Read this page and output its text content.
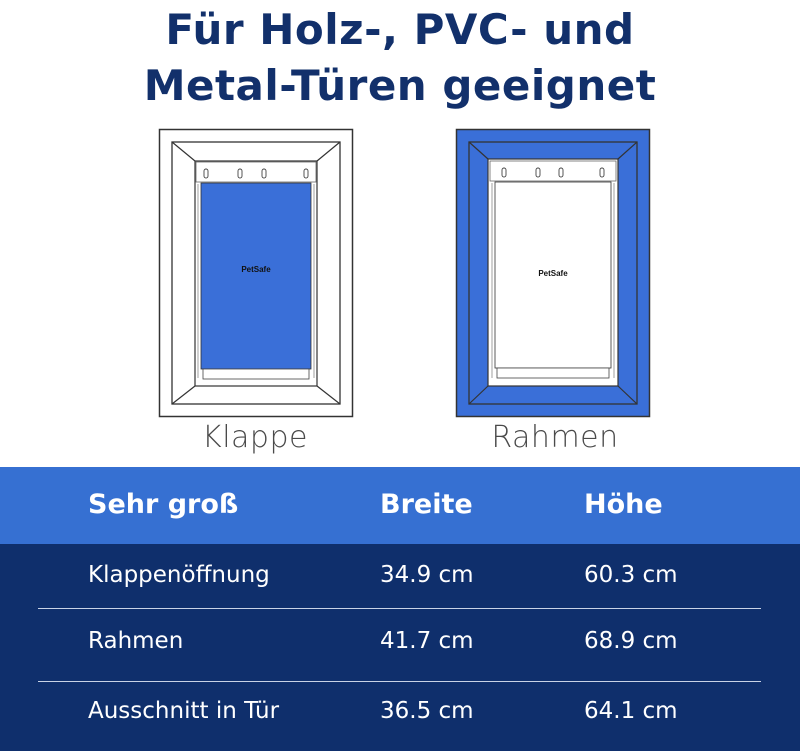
Für Holz-, PVC- und
Metal-Türen geeignet
PetSafe	PetSafe
Klappe	Rahmen
Sehr groß	Breite	Höhe
Klappenöffnung	34.9 cm	60.3 cm
Rahmen	41.7 cm	68.9 cm
Ausschnitt in Tür	36.5 cm	64.1 cm
